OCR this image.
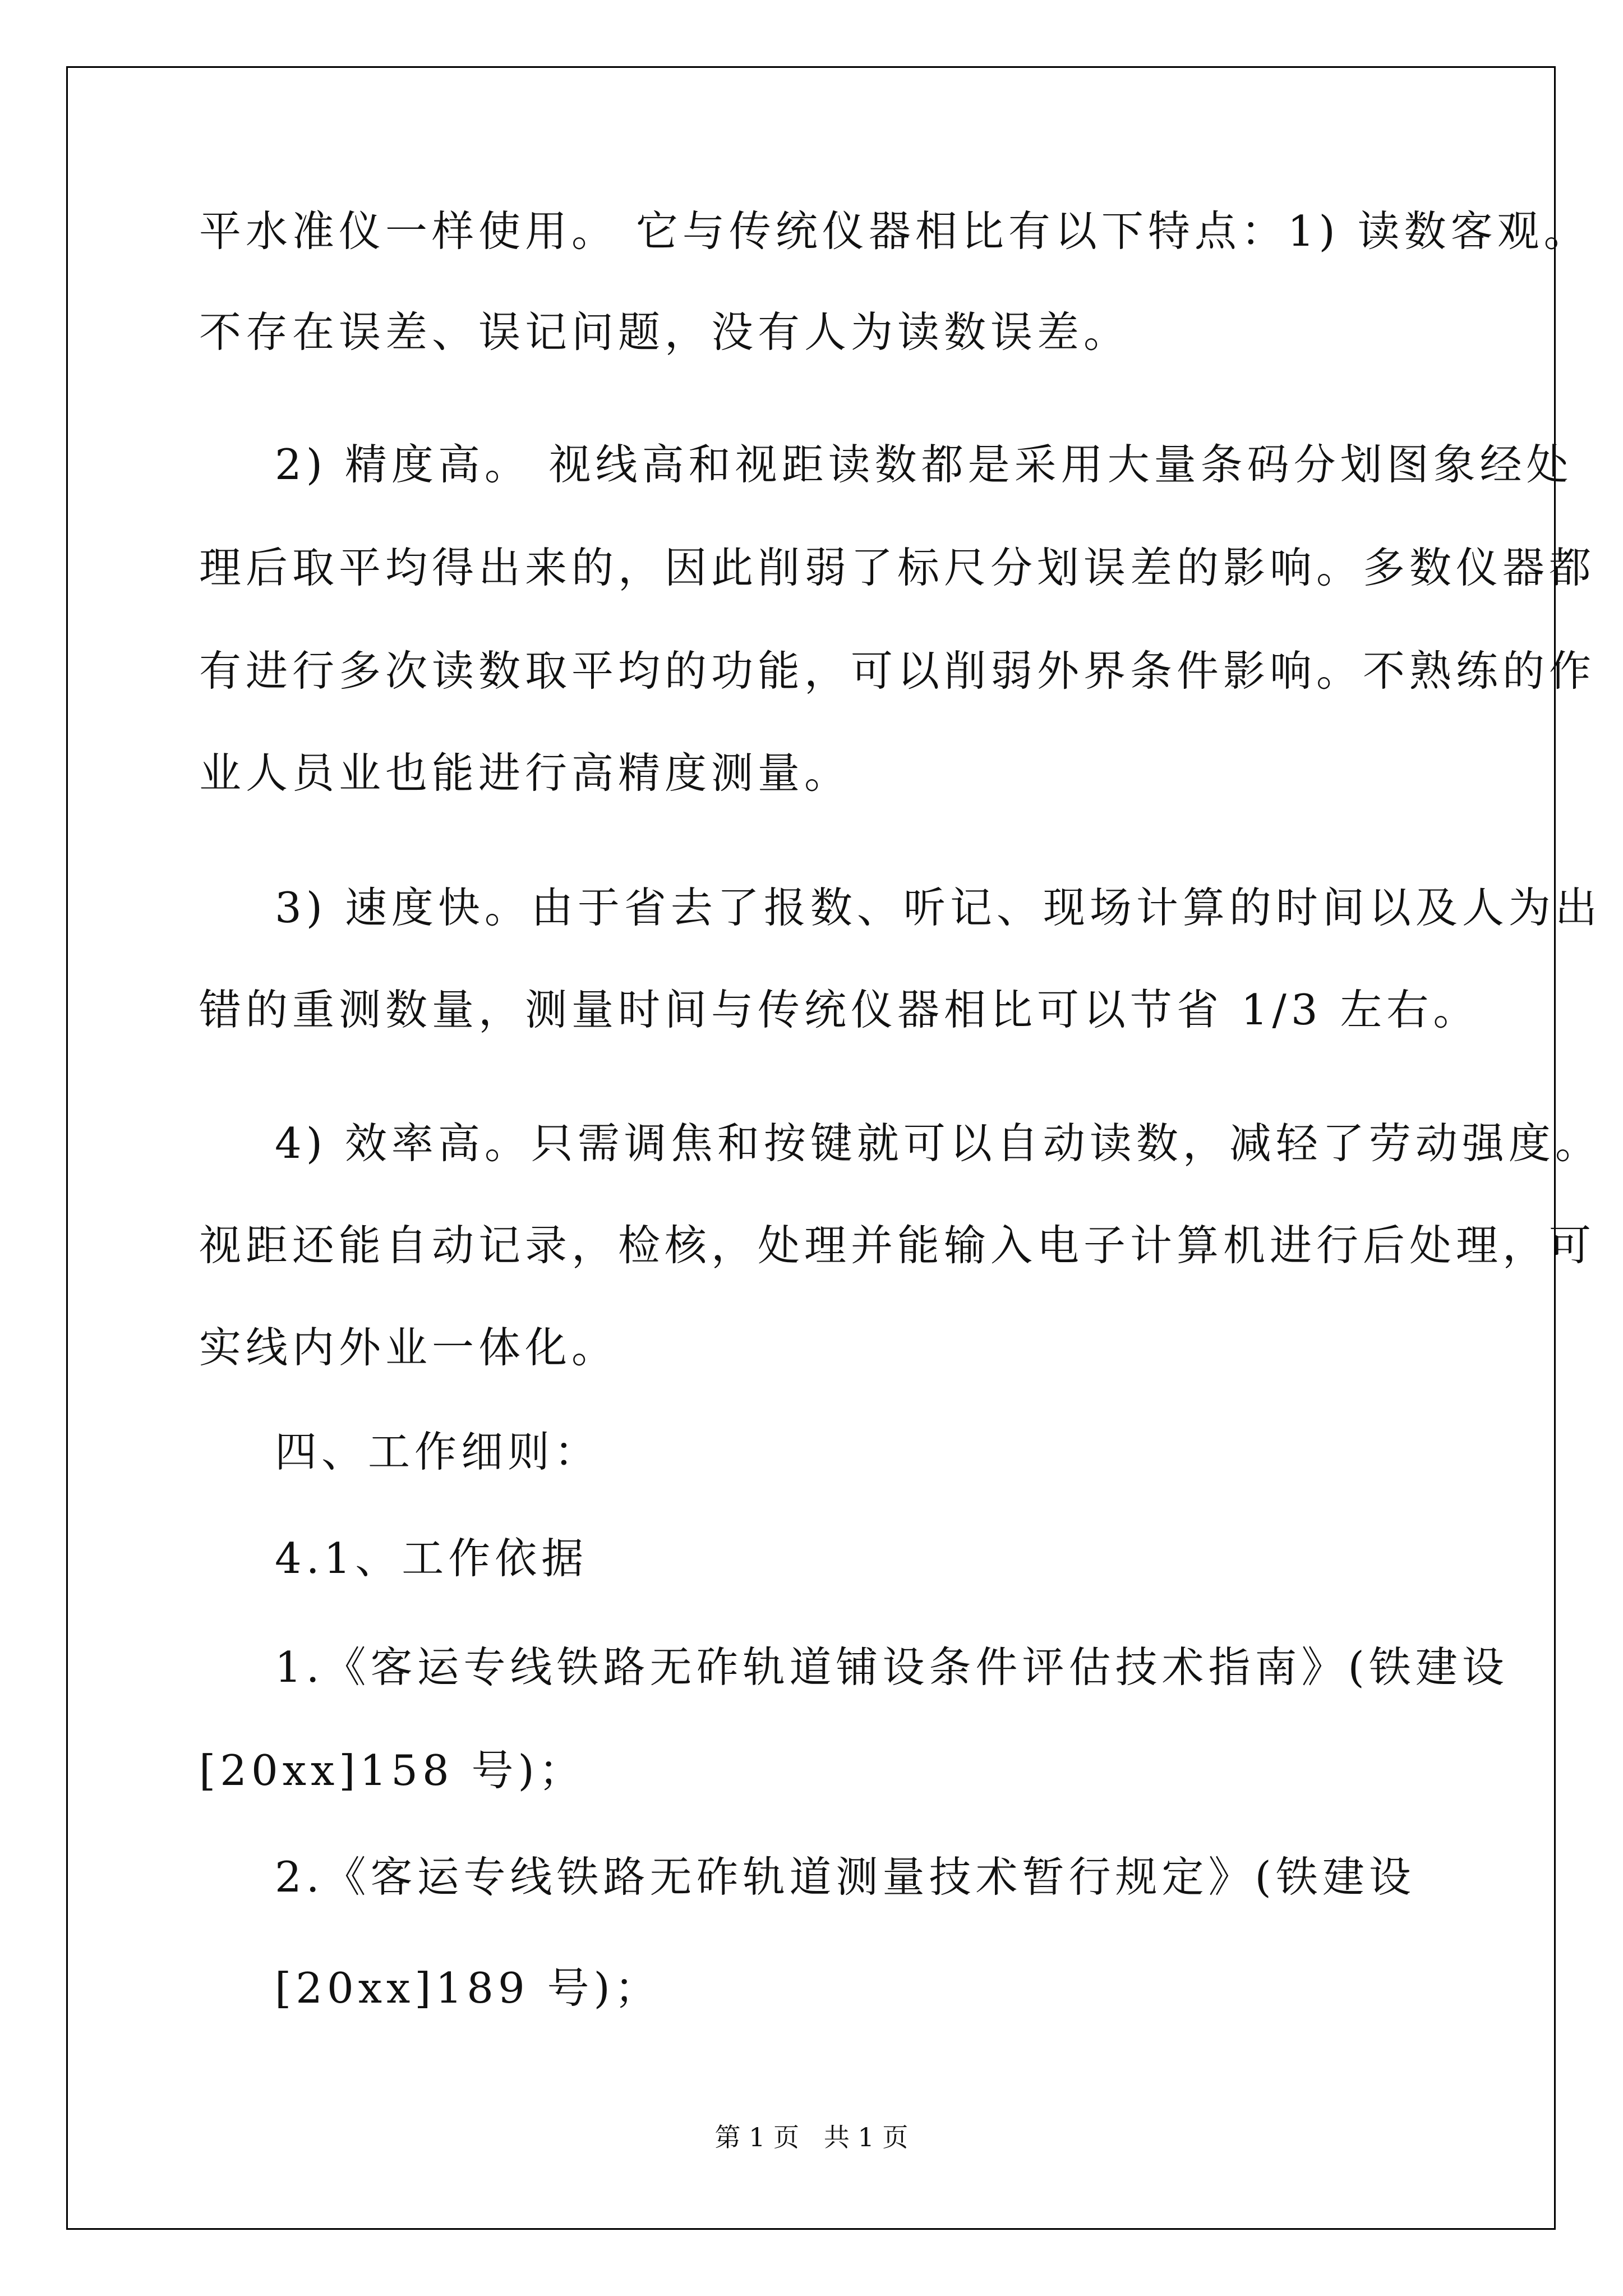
平水准仪一样使用。 它与传统仪器相比有以下特点：1) 读数客观。
不存在误差、误记问题，没有人为读数误差。
2) 精度高。 视线高和视距读数都是采用大量条码分划图象经处
理后取平均得出来的，因此削弱了标尺分划误差的影响。多数仪器都
有进行多次读数取平均的功能，可以削弱外界条件影响。不熟练的作
业人员业也能进行高精度测量。
3) 速度快。由于省去了报数、听记、现场计算的时间以及人为出
错的重测数量，测量时间与传统仪器相比可以节省 1/3 左右。
4) 效率高。只需调焦和按键就可以自动读数，减轻了劳动强度。
视距还能自动记录，检核，处理并能输入电子计算机进行后处理，可
实线内外业一体化。
四、工作细则：
4.1、工作依据
1.《客运专线铁路无砟轨道铺设条件评估技术指南》(铁建设
[20xx]158 号)；
2.《客运专线铁路无砟轨道测量技术暂行规定》(铁建设
[20xx]189 号)；
第 1 页   共 1 页
